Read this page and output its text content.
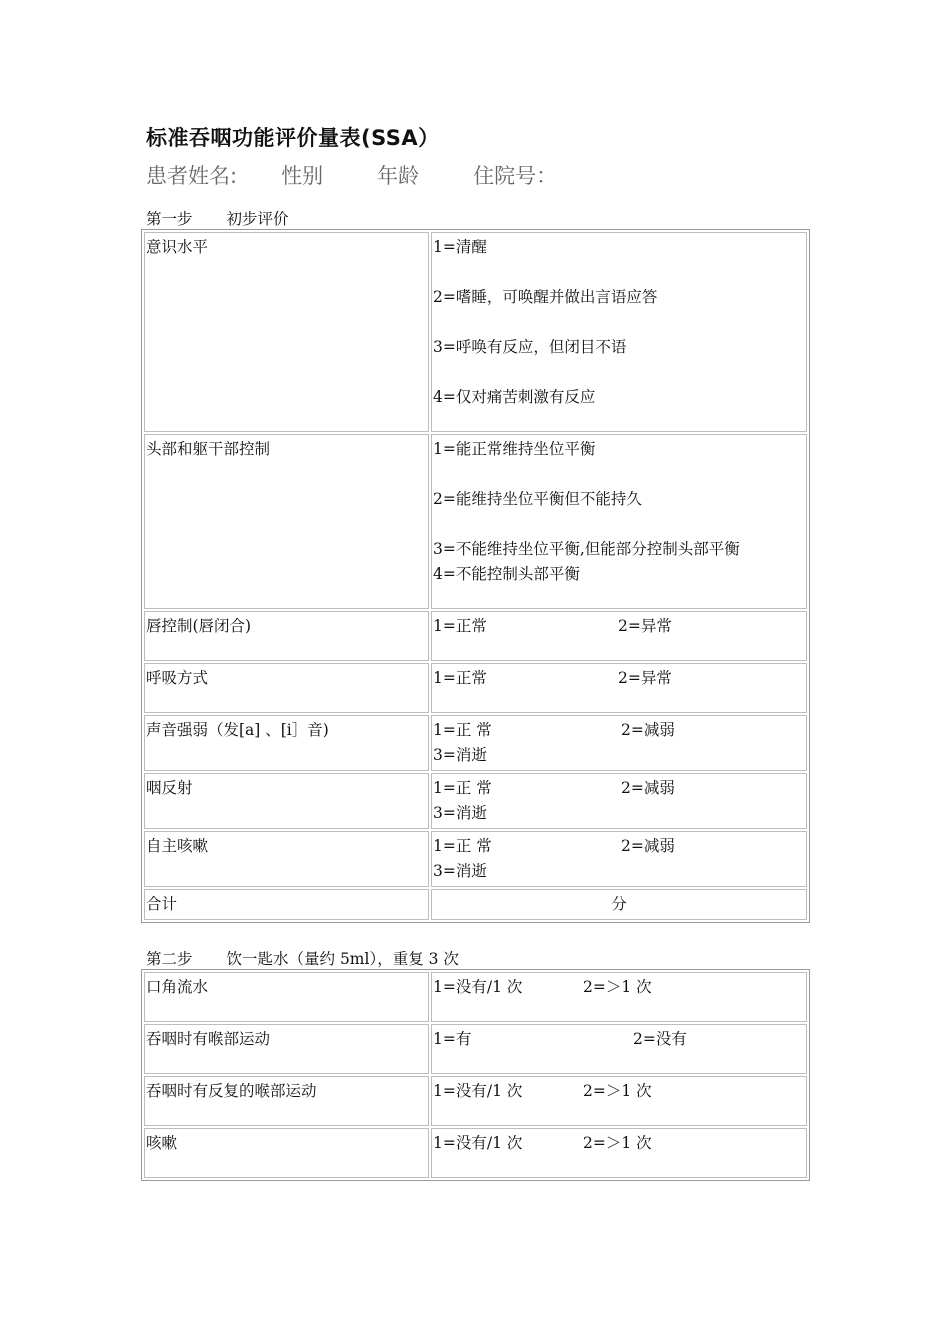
标准吞咽功能评价量表(SSA）
患者姓名: 性别	年龄	住院号：
第一步 初步评价
意识水平	1=清醒
2=嗜睡，可唤醒并做出言语应答
3=呼唤有反应，但闭目不语
4=仅对痛苦刺激有反应

头部和躯干部控制	1=能正常维持坐位平衡
2=能维持坐位平衡但不能持久
3=不能维持坐位平衡,但能部分控制头部平衡
4=不能控制头部平衡

唇控制(唇闭合)	1=正常 2=异常

呼吸方式	1=正常 2=异常

声音强弱（发[a] 、[i］音)	1=正 常 2=减弱
3=消逝

咽反射	1=正 常 2=减弱
3=消逝

自主咳嗽	1=正 常 2=减弱
3=消逝

合计	分
第二步 饮一匙水（量约 5ml），重复 3 次
口角流水	1=没有/1 次 2=＞1 次

吞咽时有喉部运动	1=有 2=没有

吞咽时有反复的喉部运动	1=没有/1 次 2=＞1 次

咳嗽	1=没有/1 次 2=＞1 次
